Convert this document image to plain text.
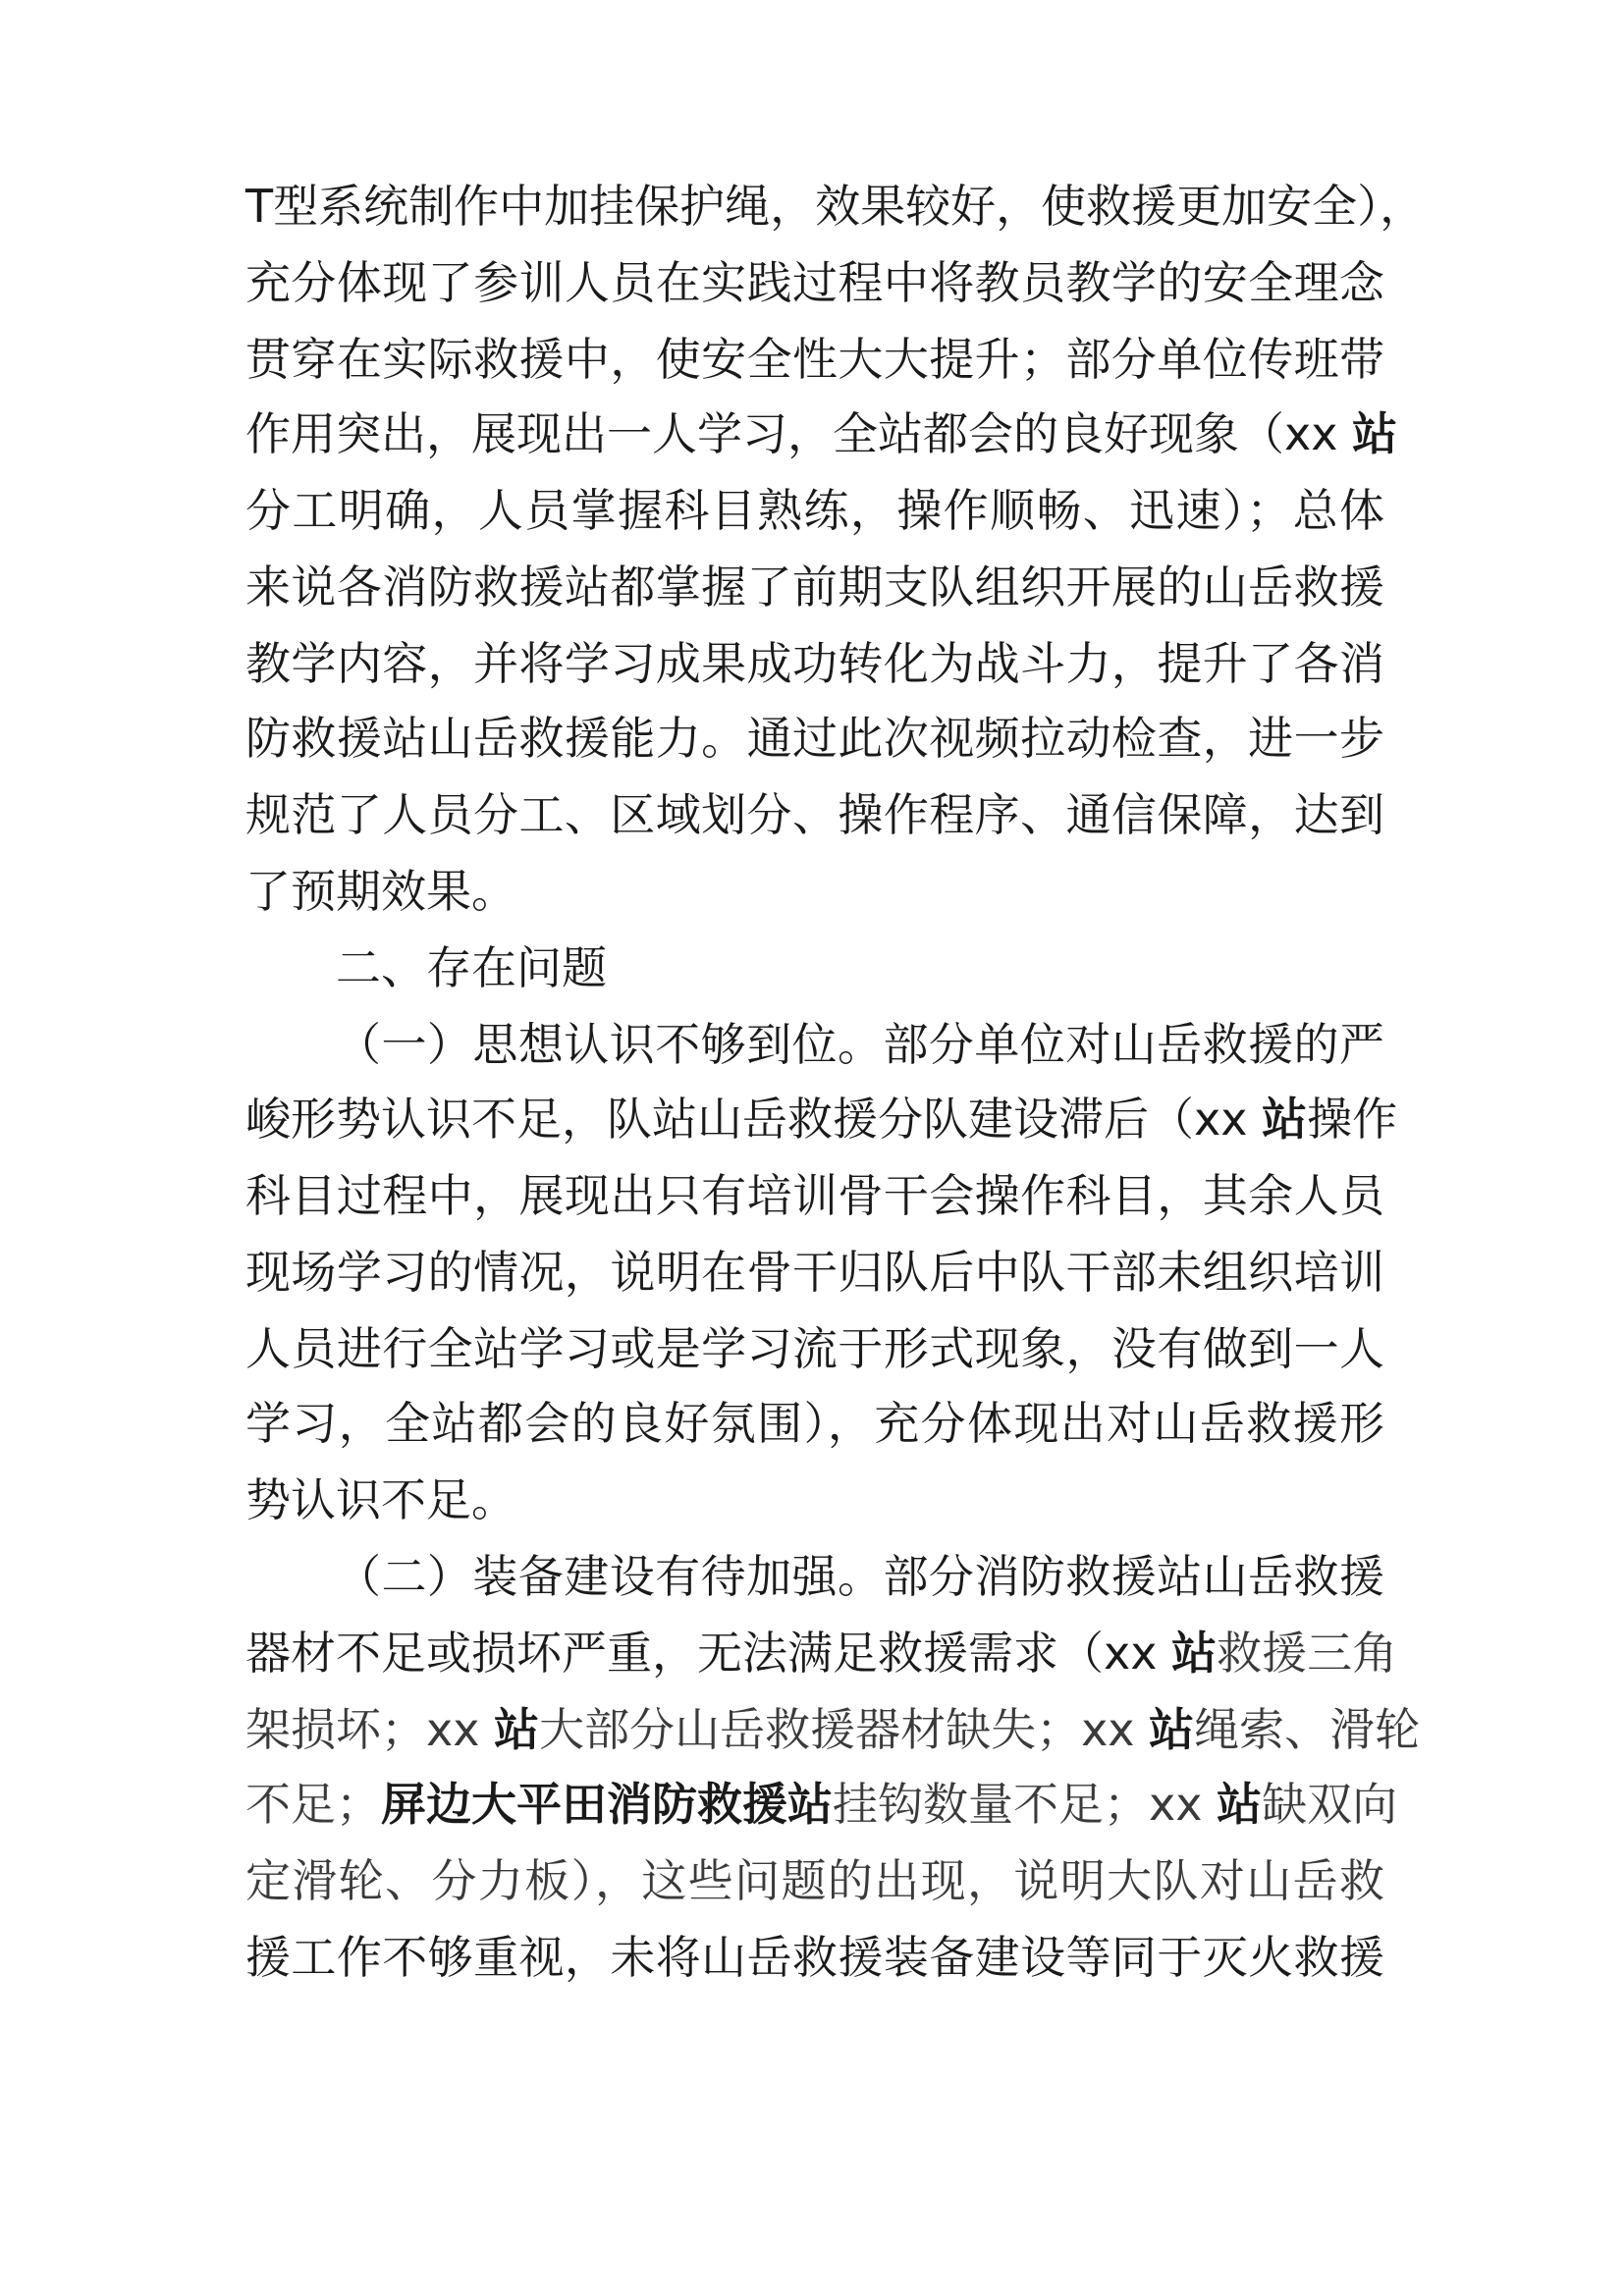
T型系统制作中加挂保护绳，效果较好，使救援更加安全），
充分体现了参训人员在实践过程中将教员教学的安全理念
贯穿在实际救援中，使安全性大大提升；部分单位传班带
作用突出，展现出一人学习，全站都会的良好现象（xx 站
分工明确，人员掌握科目熟练，操作顺畅、迅速）；总体
来说各消防救援站都掌握了前期支队组织开展的山岳救援
教学内容，并将学习成果成功转化为战斗力，提升了各消
防救援站山岳救援能力。通过此次视频拉动检查，进一步
规范了人员分工、区域划分、操作程序、通信保障，达到
了预期效果。
二、存在问题
（一）思想认识不够到位。部分单位对山岳救援的严
峻形势认识不足，队站山岳救援分队建设滞后（xx 站操作
科目过程中，展现出只有培训骨干会操作科目，其余人员
现场学习的情况，说明在骨干归队后中队干部未组织培训
人员进行全站学习或是学习流于形式现象，没有做到一人
学习，全站都会的良好氛围），充分体现出对山岳救援形
势认识不足。
（二）装备建设有待加强。部分消防救援站山岳救援
器材不足或损坏严重，无法满足救援需求（xx 站救援三角
架损坏；xx 站大部分山岳救援器材缺失；xx 站绳索、滑轮
不足；屏边大平田消防救援站挂钩数量不足；xx 站缺双向
定滑轮、分力板），这些问题的出现，说明大队对山岳救
援工作不够重视，未将山岳救援装备建设等同于灭火救援
